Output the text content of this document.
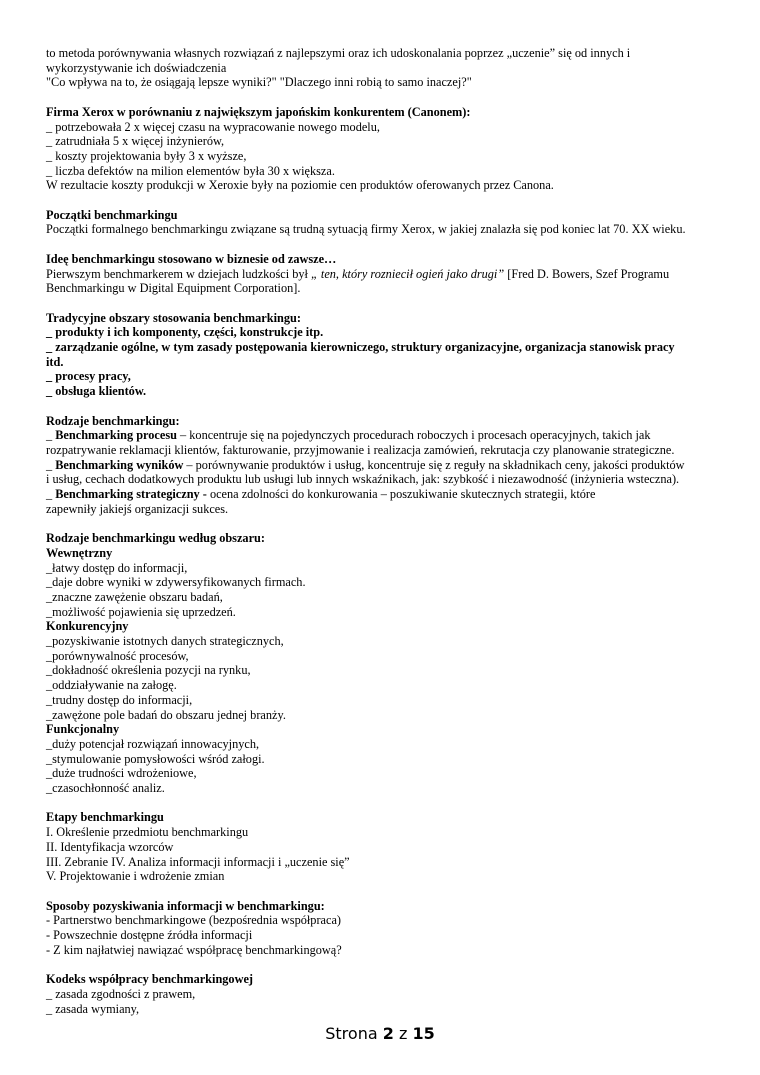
to metoda porównywania własnych rozwiązań z najlepszymi oraz ich udoskonalania poprzez „uczenie” się od innych i

wykorzystywanie ich doświadczenia

"Co wpływa na to, że osiągają lepsze wyniki?" "Dlaczego inni robią to samo inaczej?"

Firma Xerox w porównaniu z największym japońskim konkurentem (Canonem):

_ potrzebowała 2 x więcej czasu na wypracowanie nowego modelu,

_ zatrudniała 5 x więcej inżynierów,

_ koszty projektowania były 3 x wyższe,

_ liczba defektów na milion elementów była 30 x większa.

W rezultacie koszty produkcji w Xeroxie były na poziomie cen produktów oferowanych przez Canona.

Początki benchmarkingu

Początki formalnego benchmarkingu związane są trudną sytuacją firmy Xerox, w jakiej znalazła się pod koniec lat 70. XX wieku.

Ideę benchmarkingu stosowano w biznesie od zawsze…

Pierwszym benchmarkerem w dziejach ludzkości był „ ten, który rozniecił ogień jako drugi” [Fred D. Bowers, Szef Programu

Benchmarkingu w Digital Equipment Corporation].

Tradycyjne obszary stosowania benchmarkingu:

_ produkty i ich komponenty, części, konstrukcje itp.

_ zarządzanie ogólne, w tym zasady postępowania kierowniczego, struktury organizacyjne, organizacja stanowisk pracy

itd.

_ procesy pracy,

_ obsługa klientów.

Rodzaje benchmarkingu:

_ Benchmarking procesu – koncentruje się na pojedynczych procedurach roboczych i procesach operacyjnych, takich jak

rozpatrywanie reklamacji klientów, fakturowanie, przyjmowanie i realizacja zamówień, rekrutacja czy planowanie strategiczne.

_ Benchmarking wyników – porównywanie produktów i usług, koncentruje się z reguły na składnikach ceny, jakości produktów

i usług, cechach dodatkowych produktu lub usługi lub innych wskaźnikach, jak: szybkość i niezawodność (inżynieria wsteczna).

_ Benchmarking strategiczny - ocena zdolności do konkurowania – poszukiwanie skutecznych strategii, które

zapewniły jakiejś organizacji sukces.

Rodzaje benchmarkingu według obszaru:

Wewnętrzny

_łatwy dostęp do informacji,

_daje dobre wyniki w zdywersyfikowanych firmach.

_znaczne zawężenie obszaru badań,

_możliwość pojawienia się uprzedzeń.

Konkurencyjny

_pozyskiwanie istotnych danych strategicznych,

_porównywalność procesów,

_dokładność określenia pozycji na rynku,

_oddziaływanie na załogę.

_trudny dostęp do informacji,

_zawężone pole badań do obszaru jednej branży.

Funkcjonalny

_duży potencjał rozwiązań innowacyjnych,

_stymulowanie pomysłowości wśród załogi.

_duże trudności wdrożeniowe,

_czasochłonność analiz.

Etapy benchmarkingu

I. Określenie przedmiotu benchmarkingu

II. Identyfikacja wzorców

III. Zebranie IV. Analiza informacji informacji i „uczenie się”

V. Projektowanie i wdrożenie zmian

Sposoby pozyskiwania informacji w benchmarkingu:

- Partnerstwo benchmarkingowe (bezpośrednia współpraca)

- Powszechnie dostępne źródła informacji

- Z kim najłatwiej nawiązać współpracę benchmarkingową?

Kodeks współpracy benchmarkingowej

_ zasada zgodności z prawem,

_ zasada wymiany,

Strona 2 z 15
